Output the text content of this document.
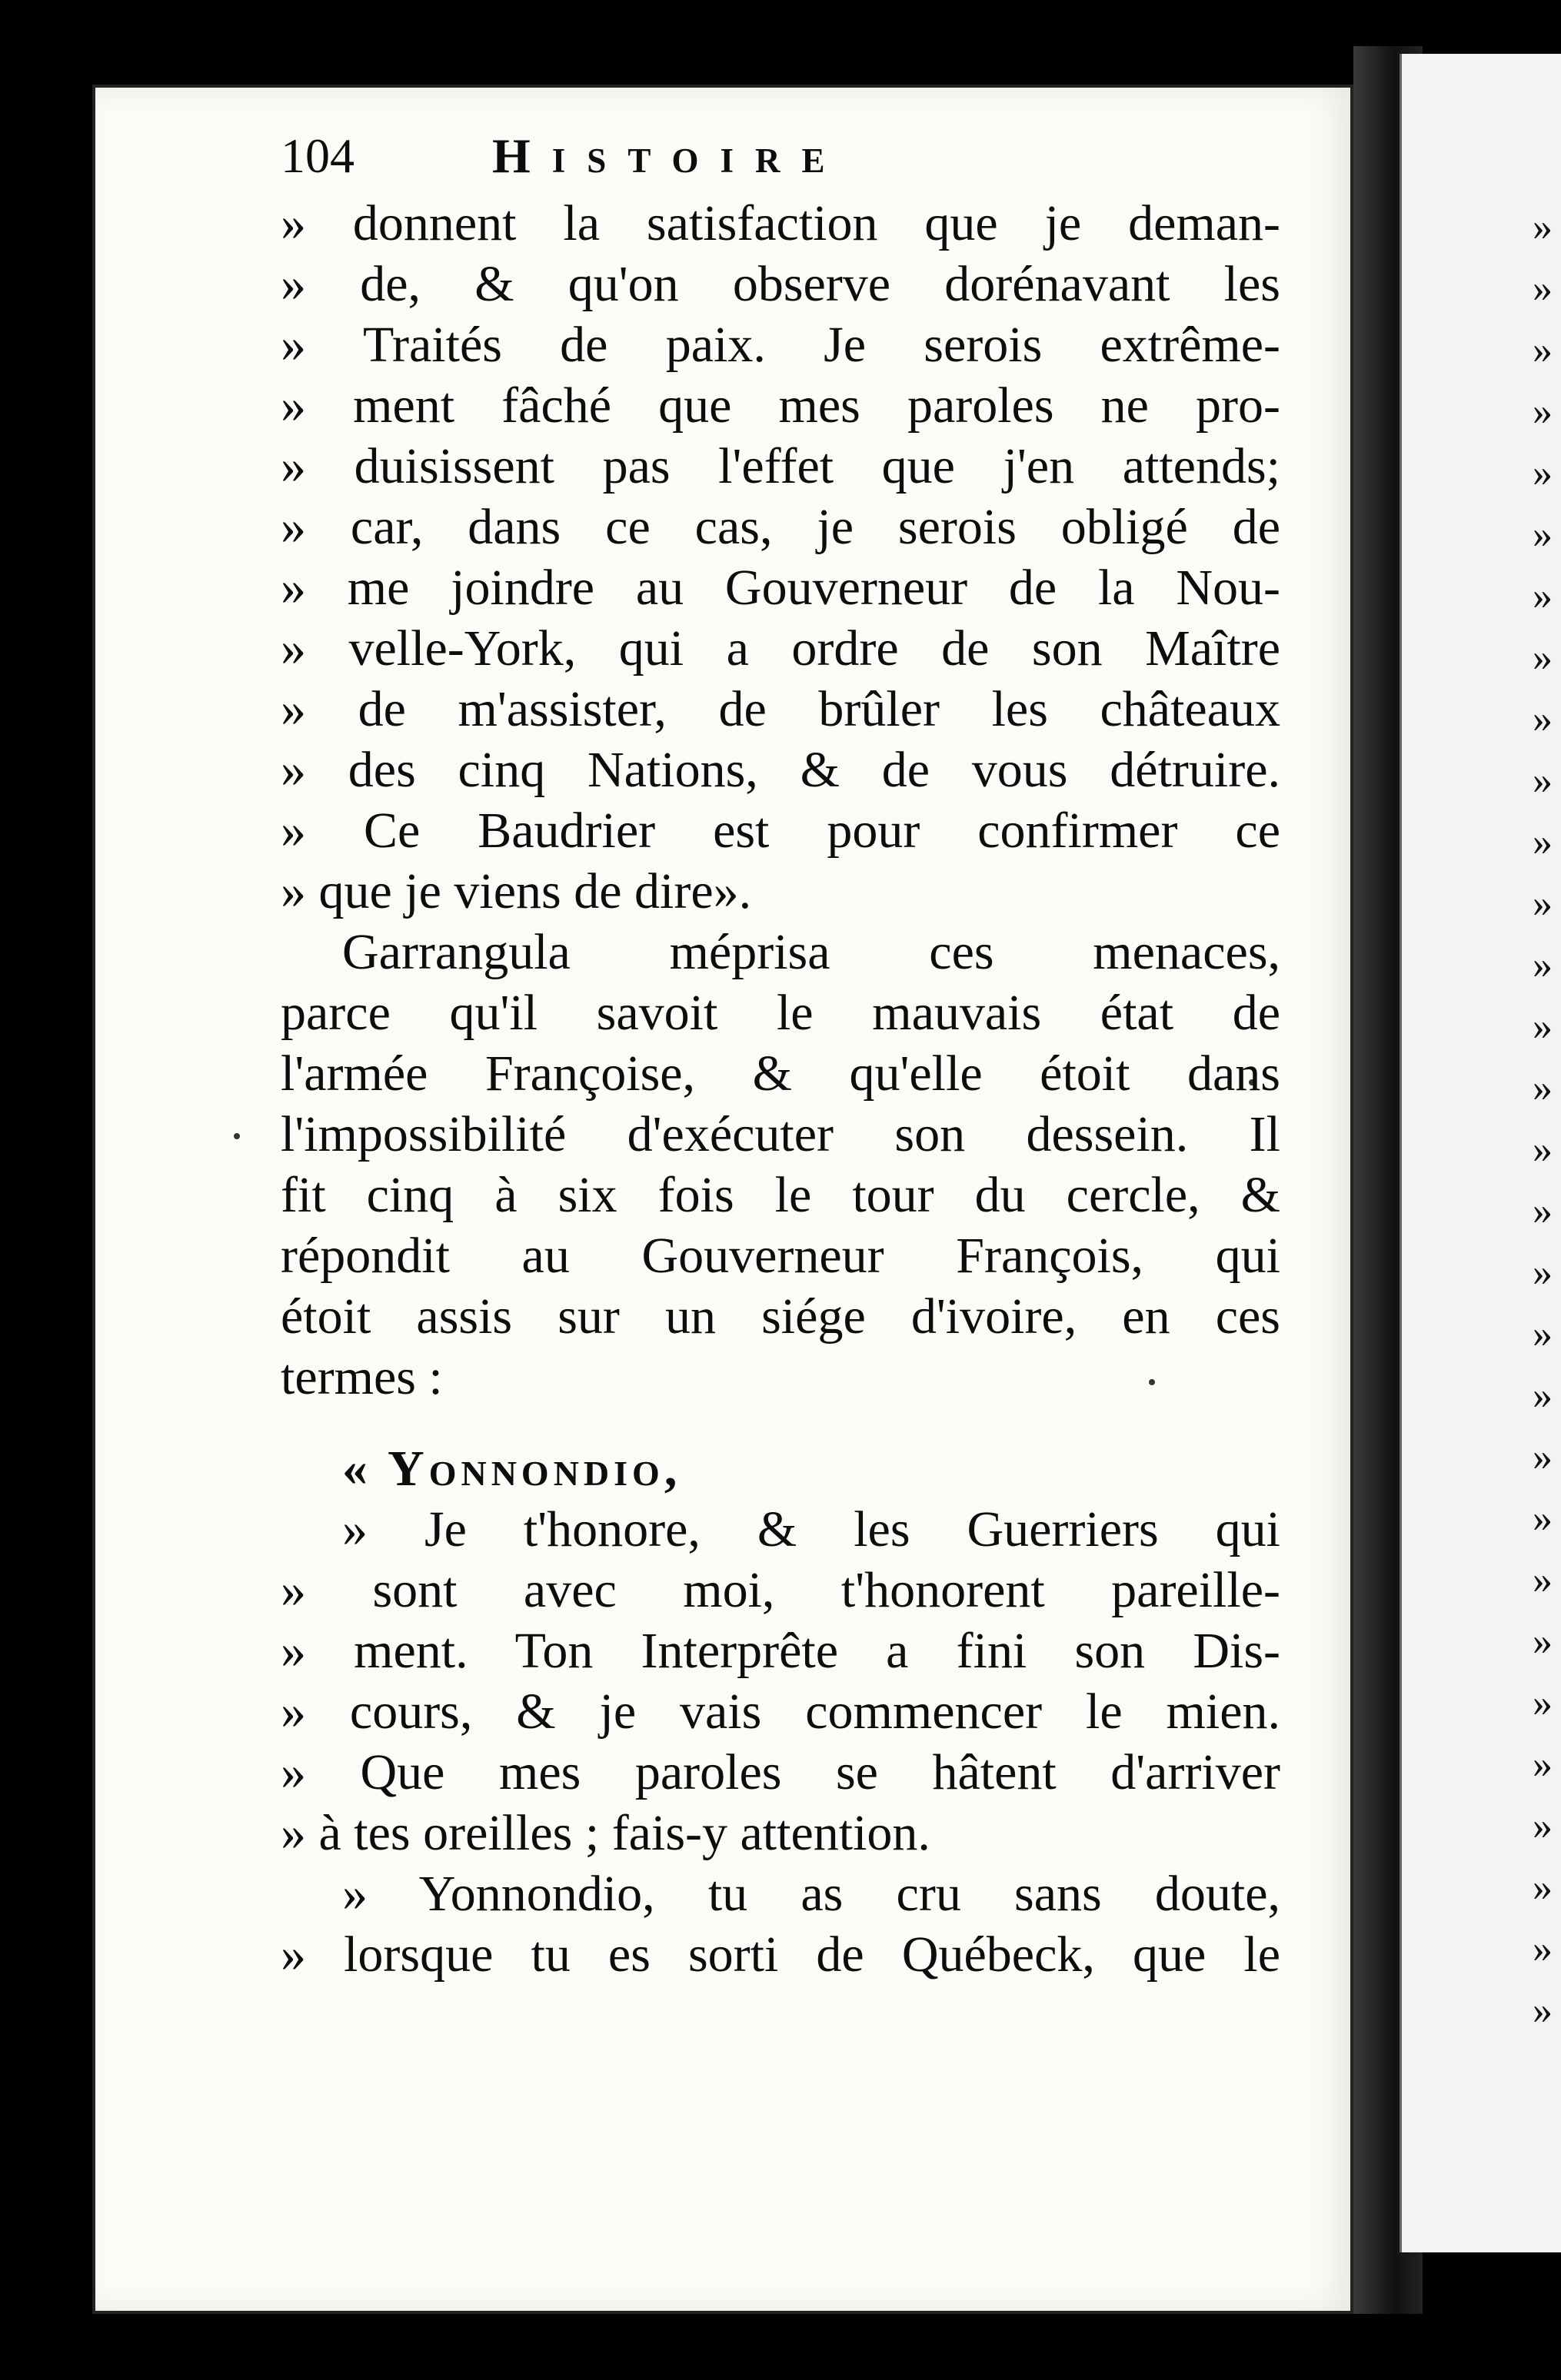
»
»
»
»
»
»
»
»
»
»
»
»
»
»
»
»
»
»
»
»
»
»
»
»
»
»
»
»
»
»
104	Histoire
» donnent la satisfaction que je deman-
» de, & qu'on observe dorénavant les
» Traités de paix. Je serois extrême-
» ment fâché que mes paroles ne pro-
» duisissent pas l'effet que j'en attends;
» car, dans ce cas, je serois obligé de
» me joindre au Gouverneur de la Nou-
» velle-York, qui a ordre de son Maître
» de m'assister, de brûler les châteaux
» des cinq Nations, & de vous détruire.
» Ce Baudrier est pour confirmer ce
» que je viens de dire».
Garrangula méprisa ces menaces,
parce qu'il savoit le mauvais état de
l'armée Françoise, & qu'elle étoit dans
l'impossibilité d'exécuter son dessein. Il
fit cinq à six fois le tour du cercle, &
répondit au Gouverneur François, qui
étoit assis sur un siége d'ivoire, en ces
termes :
« Yonnondio,
» Je t'honore, & les Guerriers qui
» sont avec moi, t'honorent pareille-
» ment. Ton Interprête a fini son Dis-
» cours, & je vais commencer le mien.
» Que mes paroles se hâtent d'arriver
» à tes oreilles ; fais-y attention.
» Yonnondio, tu as cru sans doute,
» lorsque tu es sorti de Québeck, que le
